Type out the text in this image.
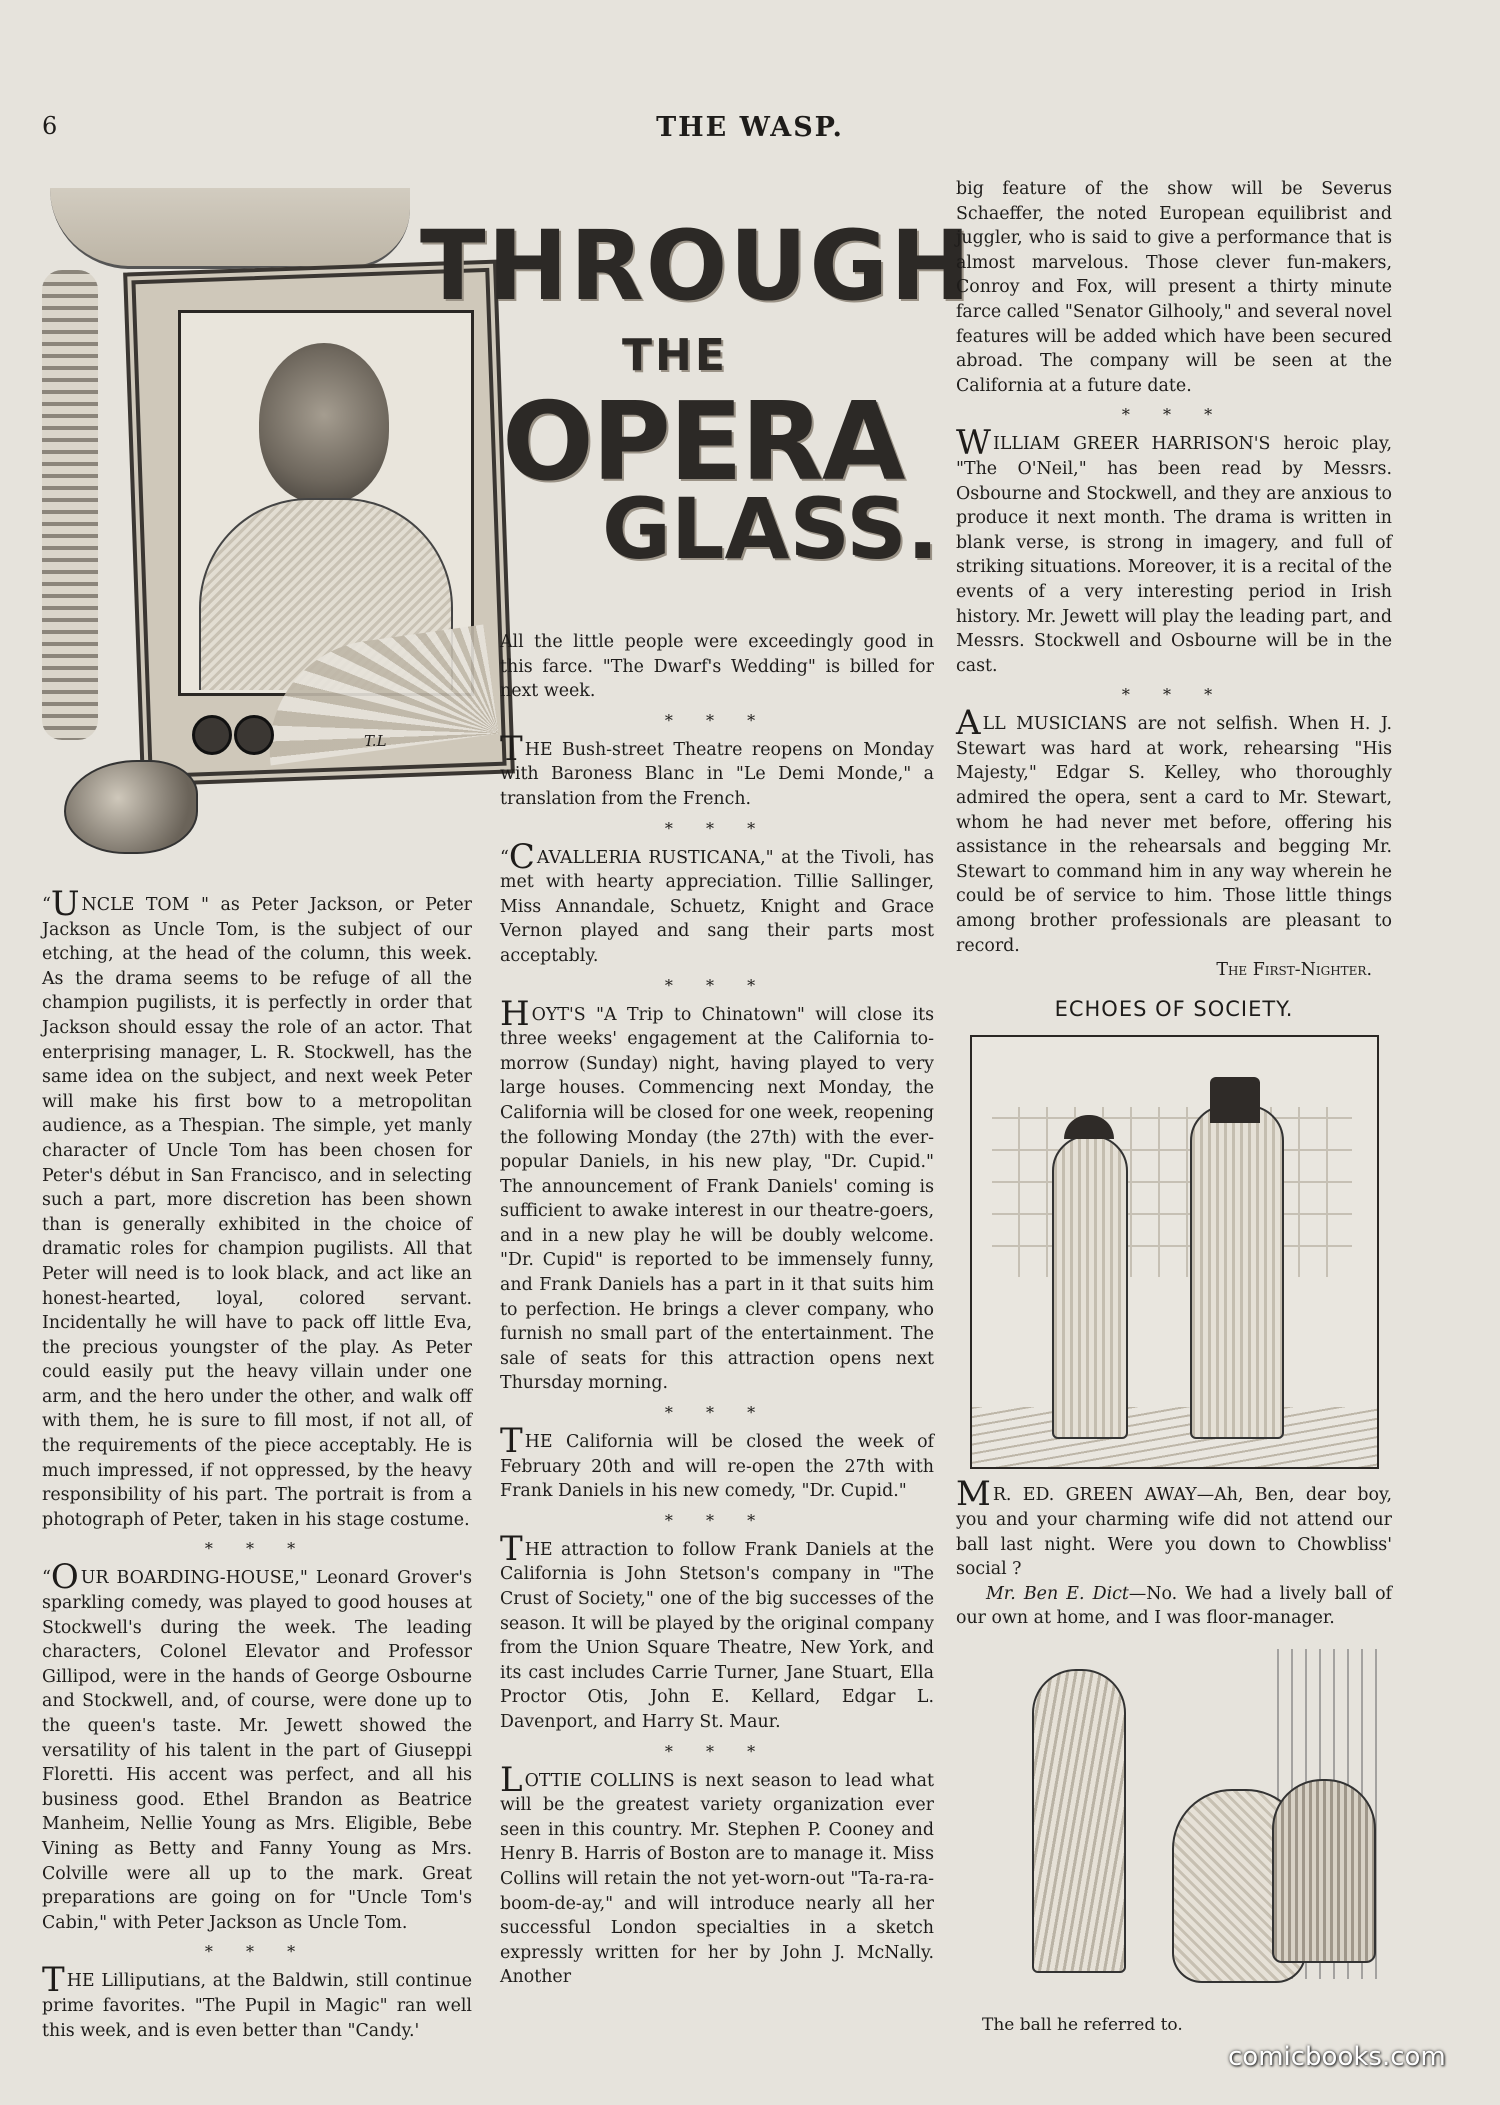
6	THE WASP.
T.L
THROUGH
THE
OPERA
GLASS.

“U NCLE TOM " as Peter Jackson, or Peter Jackson as Uncle Tom, is the subject of our etching, at the head of the column, this week. As the drama seems to be refuge of all the champion pugilists, it is perfectly in order that Jackson should essay the role of an actor. That enterprising manager, L. R. Stockwell, has the same idea on the subject, and next week Peter will make his first bow to a metropolitan audience, as a Thespian. The simple, yet manly character of Uncle Tom has been chosen for Peter's début in San Francisco, and in selecting such a part, more discretion has been shown than is generally exhibited in the choice of dramatic roles for champion pugilists. All that Peter will need is to look black, and act like an honest-hearted, loyal, colored servant. Incidentally he will have to pack off little Eva, the precious youngster of the play. As Peter could easily put the heavy villain under one arm, and the hero under the other, and walk off with them, he is sure to fill most, if not all, of the requirements of the piece acceptably. He is much impressed, if not oppressed, by the heavy responsibility of his part. The portrait is from a photograph of Peter, taken in his stage costume.

* * *

“O UR BOARDING-HOUSE," Leonard Grover's sparkling comedy, was played to good houses at Stockwell's during the week. The leading characters, Colonel Elevator and Professor Gillipod, were in the hands of George Osbourne and Stockwell, and, of course, were done up to the queen's taste. Mr. Jewett showed the versatility of his talent in the part of Giuseppi Floretti. His accent was perfect, and all his business good. Ethel Brandon as Beatrice Manheim, Nellie Young as Mrs. Eligible, Bebe Vining as Betty and Fanny Young as Mrs. Colville were all up to the mark. Great preparations are going on for "Uncle Tom's Cabin," with Peter Jackson as Uncle Tom.

* * *

THE Lilliputians, at the Baldwin, still continue prime favorites. "The Pupil in Magic" ran well this week, and is even better than "Candy.'

All the little people were exceedingly good in this farce. "The Dwarf's Wedding" is billed for next week.

* * *

THE Bush-street Theatre reopens on Monday with Baroness Blanc in "Le Demi Monde," a translation from the French.

* * *

“C AVALLERIA RUSTICANA," at the Tivoli, has met with hearty appreciation. Tillie Sallinger, Miss Annandale, Schuetz, Knight and Grace Vernon played and sang their parts most acceptably.

* * *

HOYT'S "A Trip to Chinatown" will close its three weeks' engagement at the California to-morrow (Sunday) night, having played to very large houses. Commencing next Monday, the California will be closed for one week, reopening the following Monday (the 27th) with the ever-popular Daniels, in his new play, "Dr. Cupid." The announcement of Frank Daniels' coming is sufficient to awake interest in our theatre-goers, and in a new play he will be doubly welcome. "Dr. Cupid" is reported to be immensely funny, and Frank Daniels has a part in it that suits him to perfection. He brings a clever company, who furnish no small part of the entertainment. The sale of seats for this attraction opens next Thursday morning.

* * *

THE California will be closed the week of February 20th and will re-open the 27th with Frank Daniels in his new comedy, "Dr. Cupid."

* * *

THE attraction to follow Frank Daniels at the California is John Stetson's company in "The Crust of Society," one of the big successes of the season. It will be played by the original company from the Union Square Theatre, New York, and its cast includes Carrie Turner, Jane Stuart, Ella Proctor Otis, John E. Kellard, Edgar L. Davenport, and Harry St. Maur.

* * *

LOTTIE COLLINS is next season to lead what will be the greatest variety organization ever seen in this country. Mr. Stephen P. Cooney and Henry B. Harris of Boston are to manage it. Miss Collins will retain the not yet-worn-out "Ta-ra-ra-boom-de-ay," and will introduce nearly all her successful London specialties in a sketch expressly written for her by John J. McNally. Another

big feature of the show will be Severus Schaeffer, the noted European equilibrist and juggler, who is said to give a performance that is almost marvelous. Those clever fun-makers, Conroy and Fox, will present a thirty minute farce called "Senator Gilhooly," and several novel features will be added which have been secured abroad. The company will be seen at the California at a future date.

* * *

WILLIAM GREER HARRISON'S heroic play, "The O'Neil," has been read by Messrs. Osbourne and Stockwell, and they are anxious to produce it next month. The drama is written in blank verse, is strong in imagery, and full of striking situations. Moreover, it is a recital of the events of a very interesting period in Irish history. Mr. Jewett will play the leading part, and Messrs. Stockwell and Osbourne will be in the cast.

* * *

ALL MUSICIANS are not selfish. When H. J. Stewart was hard at work, rehearsing "His Majesty," Edgar S. Kelley, who thoroughly admired the opera, sent a card to Mr. Stewart, whom he had never met before, offering his assistance in the rehearsals and begging Mr. Stewart to command him in any way wherein he could be of service to him. Those little things among brother professionals are pleasant to record.

The First-Nighter.

ECHOES OF SOCIETY.

M R. ED. GREEN AWAY—Ah, Ben, dear boy, you and your charming wife did not attend our ball last night. Were you down to Chowbliss' social ?

Mr. Ben E. Dict—No. We had a lively ball of our own at home, and I was floor-manager.

The ball he referred to.
comicbooks.com
